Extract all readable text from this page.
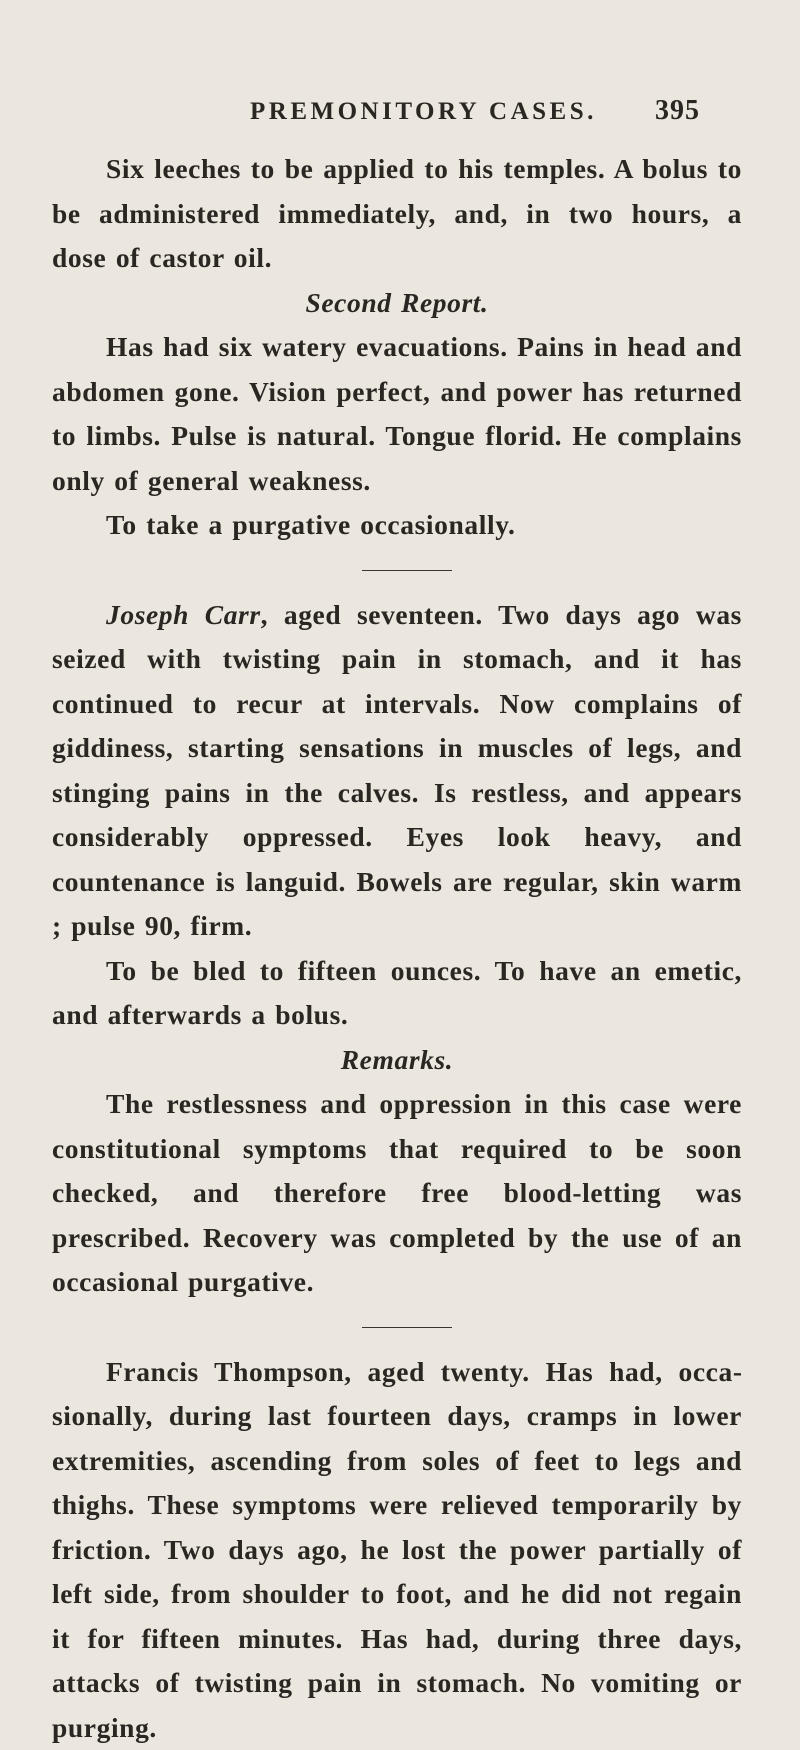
PREMONITORY CASES. 395

Six leeches to be applied to his temples. A bolus to be administered immediately, and, in two hours, a dose of castor oil.

Second Report.

Has had six watery evacuations. Pains in head and abdomen gone. Vision perfect, and power has returned to limbs. Pulse is natural. Tongue florid. He complains only of general weakness.

To take a purgative occasionally.

Joseph Carr, aged seventeen. Two days ago was seized with twisting pain in stomach, and it has continued to recur at intervals. Now complains of giddiness, starting sensations in muscles of legs, and stinging pains in the calves. Is restless, and appears considerably oppressed. Eyes look heavy, and countenance is languid. Bowels are regular, skin warm ; pulse 90, firm.

To be bled to fifteen ounces. To have an emetic, and afterwards a bolus.

Remarks.

The restlessness and oppression in this case were constitutional symptoms that required to be soon checked, and therefore free blood-letting was prescribed. Recovery was completed by the use of an occasional purgative.

Francis Thompson, aged twenty. Has had, occasionally, during last fourteen days, cramps in lower extremities, ascending from soles of feet to legs and thighs. These symptoms were relieved temporarily by friction. Two days ago, he lost the power partially of left side, from shoulder to foot, and he did not regain it for fifteen minutes. Has had, during three days, attacks of twisting pain in stomach. No vomiting or purging.
